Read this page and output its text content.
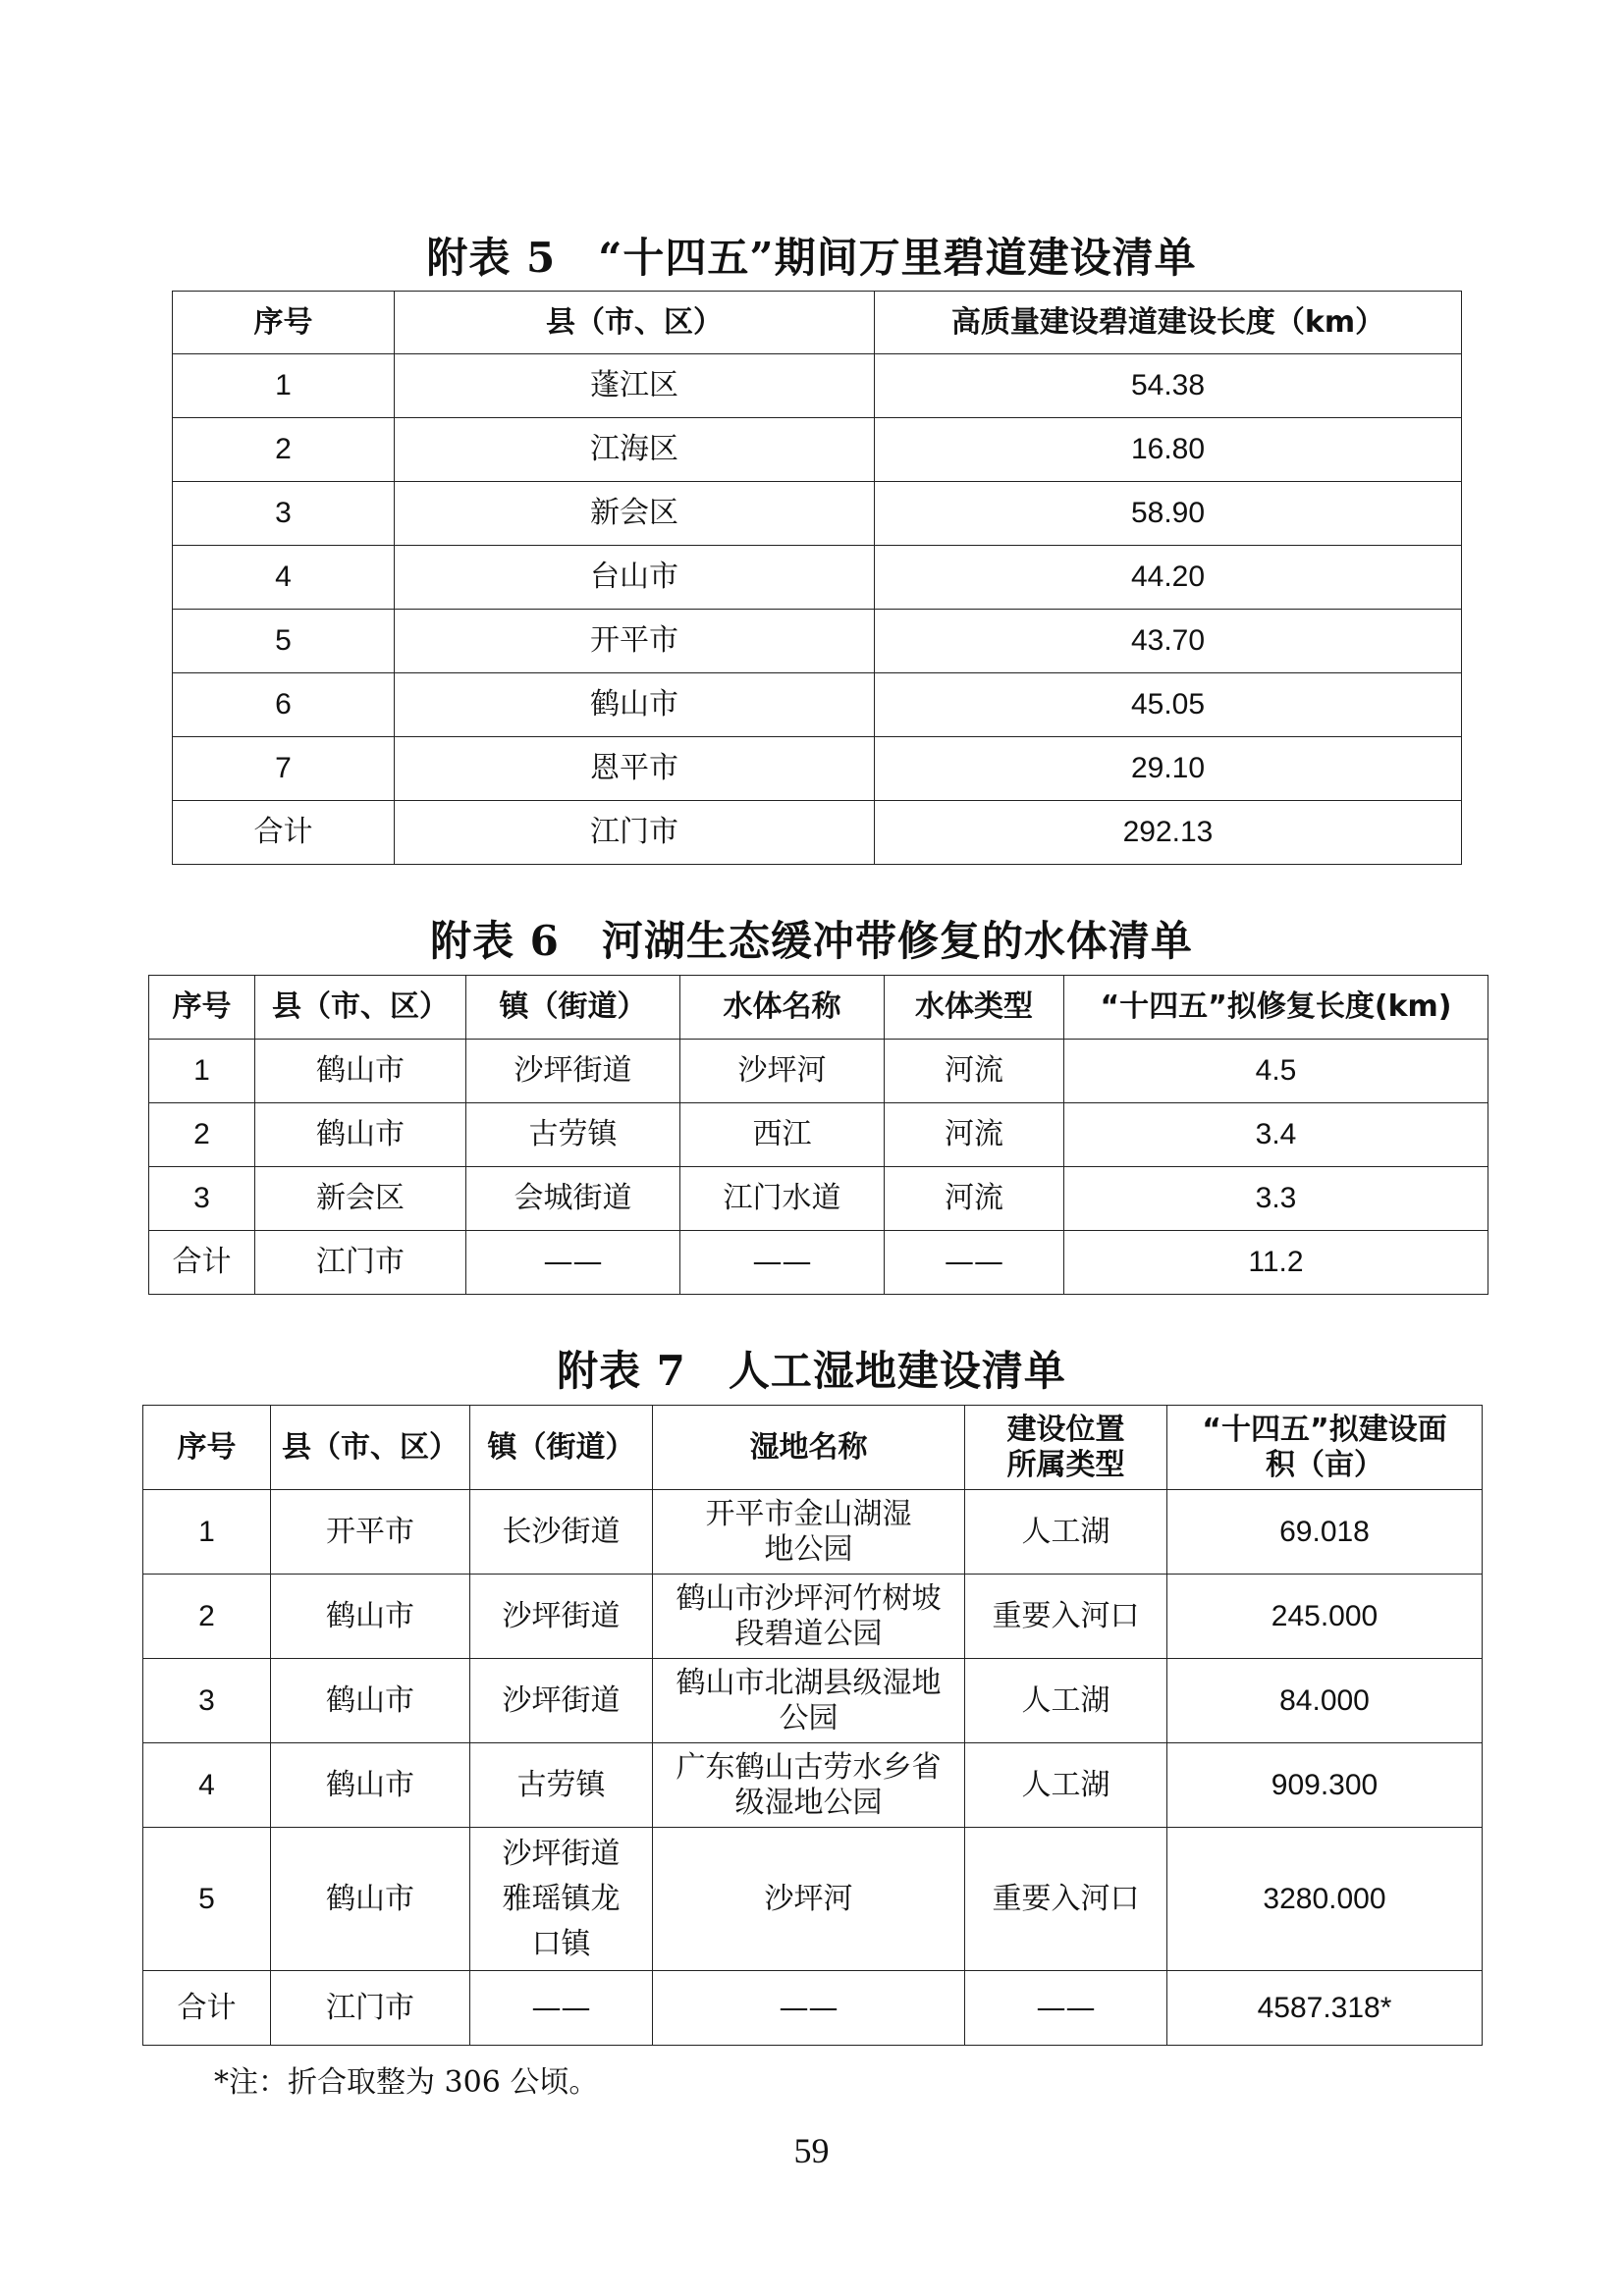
附表 5　“十四五”期间万里碧道建设清单
序号	县（市、区）	高质量建设碧道建设长度（km）
1	蓬江区	54.38
2	江海区	16.80
3	新会区	58.90
4	台山市	44.20
5	开平市	43.70
6	鹤山市	45.05
7	恩平市	29.10
合计	江门市	292.13
附表 6　河湖生态缓冲带修复的水体清单
序号	县（市、区）	镇（街道）	水体名称	水体类型	“十四五”拟修复长度(km)
1	鹤山市	沙坪街道	沙坪河	河流	4.5
2	鹤山市	古劳镇	西江	河流	3.4
3	新会区	会城街道	江门水道	河流	3.3
合计	江门市	——	——	——	11.2
附表 7　人工湿地建设清单
序号	县（市、区）	镇（街道）	湿地名称	建设位置所属类型	“十四五”拟建设面积（亩）
1	开平市	长沙街道	开平市金山湖湿地公园	人工湖	69.018
2	鹤山市	沙坪街道	鹤山市沙坪河竹树坡段碧道公园	重要入河口	245.000
3	鹤山市	沙坪街道	鹤山市北湖县级湿地公园	人工湖	84.000
4	鹤山市	古劳镇	广东鹤山古劳水乡省级湿地公园	人工湖	909.300
5	鹤山市	沙坪街道雅瑶镇龙口镇	沙坪河	重要入河口	3280.000
合计	江门市	——	——	——	4587.318*
*注：折合取整为 306 公顷。
59
